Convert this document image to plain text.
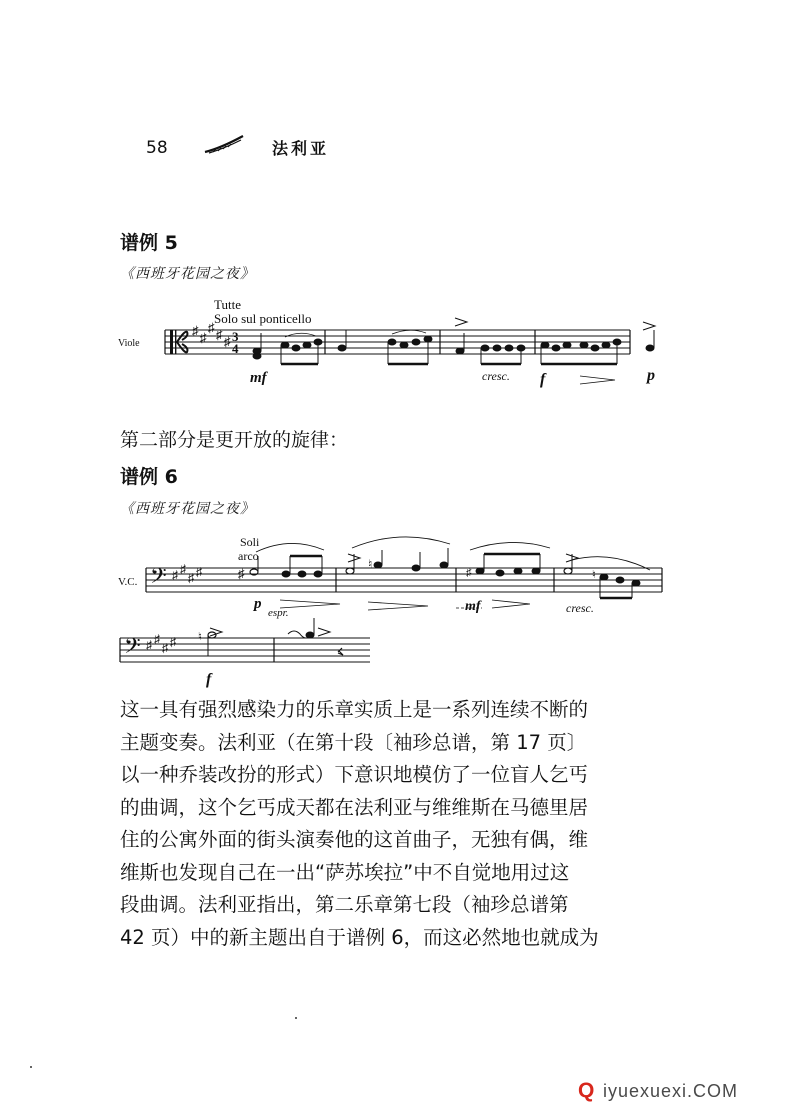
58	法利亚
谱例 5
《西班牙花园之夜》
Tutte
Solo sul ponticello
Viole
♯ ♯
♯ ♯ ♯ 3
4
mf	cresc. f	p
第二部分是更开放的旋律：
谱例 6
《西班牙花园之夜》
Soli
arco
V.C. 𝄢 ♯ ♯
♯ ♯	♯
♮
♯	♮
p
espr.	mf	cresc.
𝄢 ♯ ♯
♯ ♯ ♮
f
这一具有强烈感染力的乐章实质上是一系列连续不断的
主题变奏。法利亚（在第十段〔袖珍总谱，第 17 页〕
以一种乔装改扮的形式）下意识地模仿了一位盲人乞丐
的曲调，这个乞丐成天都在法利亚与维维斯在马德里居
住的公寓外面的街头演奏他的这首曲子，无独有偶，维
维斯也发现自己在一出“萨苏埃拉”中不自觉地用过这
段曲调。法利亚指出，第二乐章第七段（袖珍总谱第
42 页）中的新主题出自于谱例 6，而这必然地也就成为
Q iyuexuexi.COM
